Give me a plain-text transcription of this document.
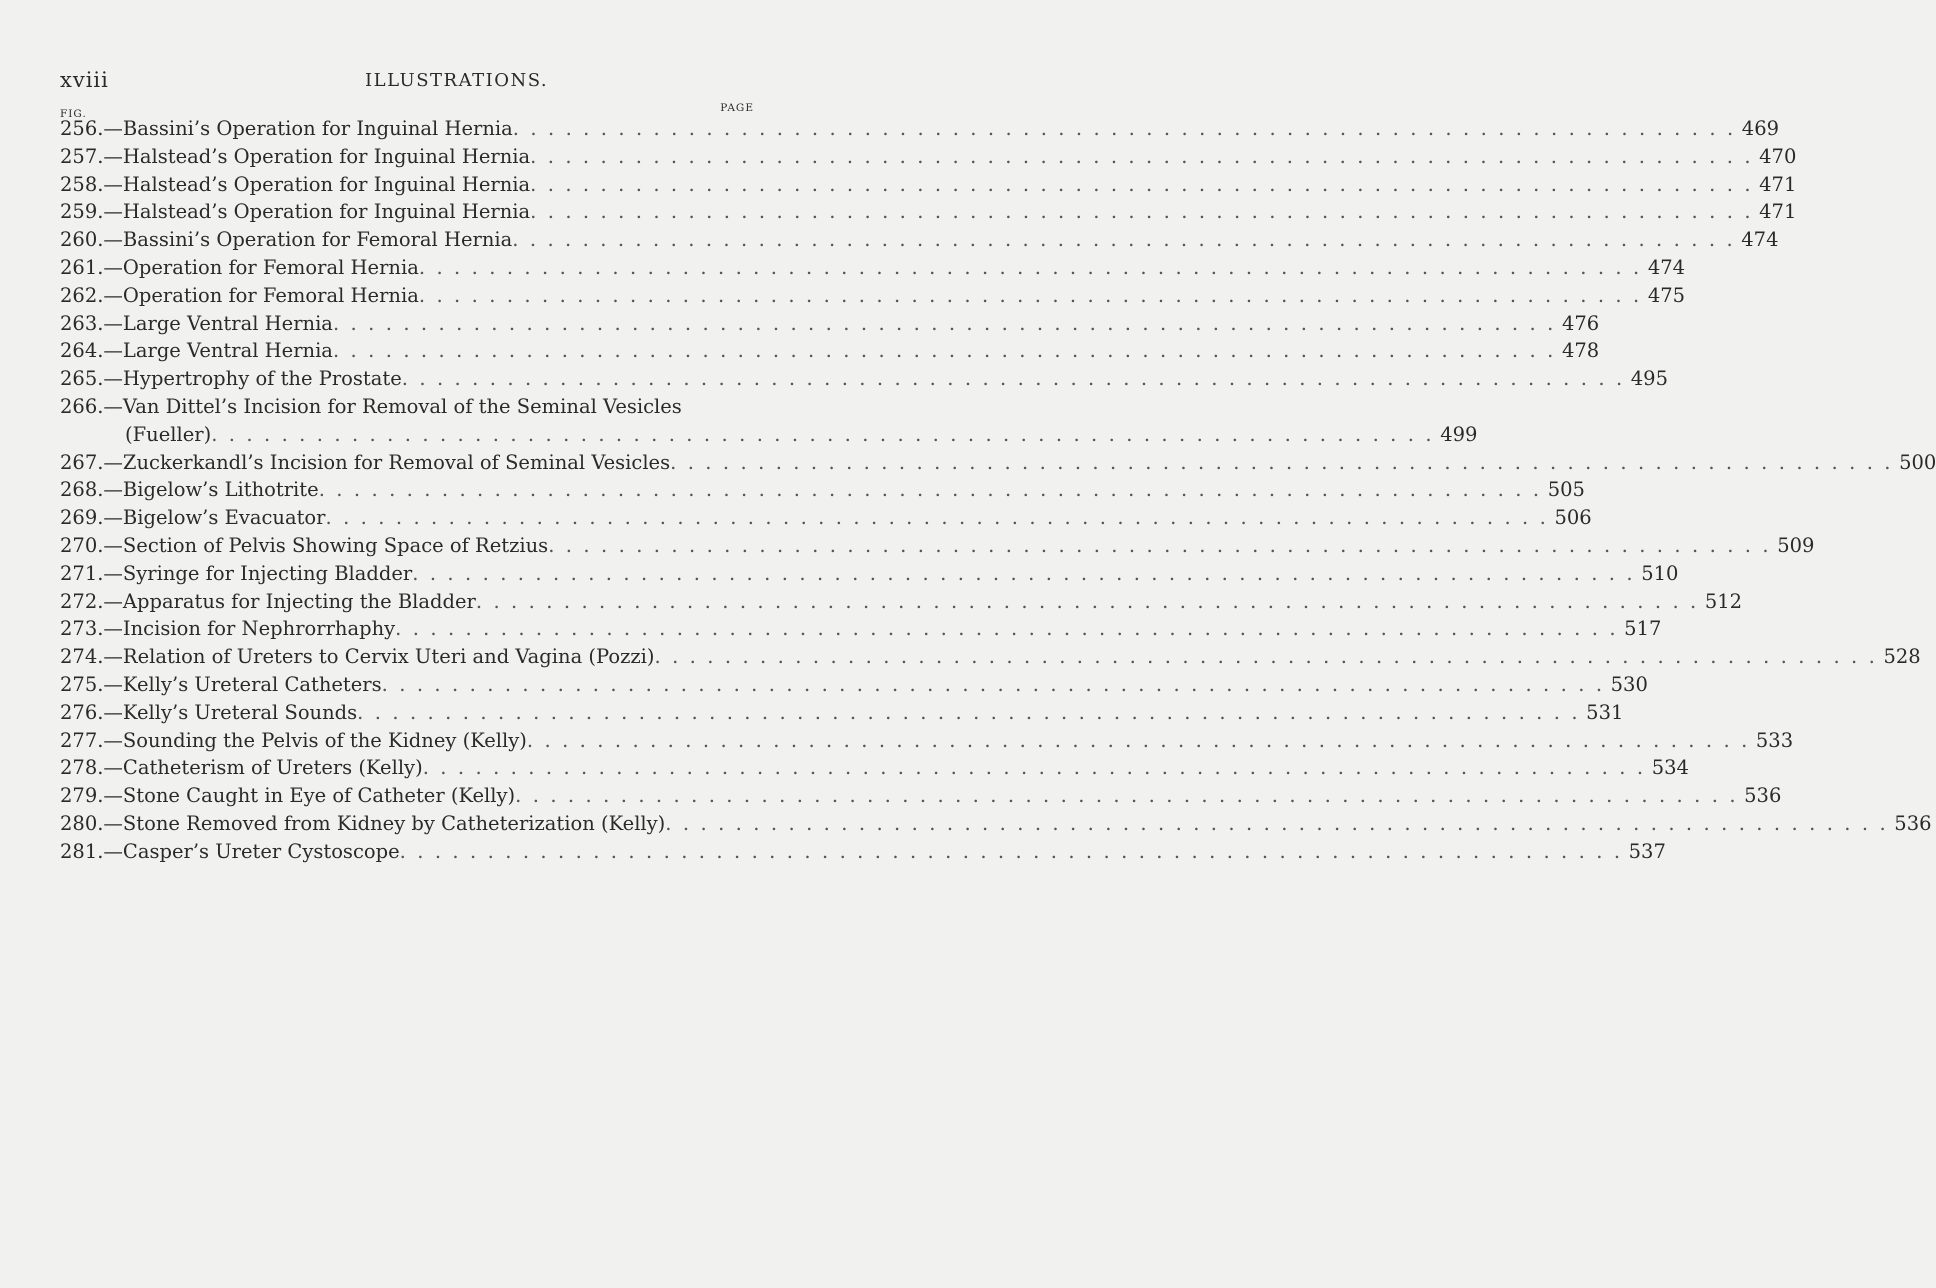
xviii	ILLUSTRATIONS.
FIG.	PAGE
256. —Bassini’s Operation for Inguinal Hernia . . . . . . . . . . . . . . . . . . . . . . . . . . . . . . . . . . . . . . . . . . . . . . . . . . . . . . . . . . . . . . . . . . . . . . 469
257. —Halstead’s Operation for Inguinal Hernia . . . . . . . . . . . . . . . . . . . . . . . . . . . . . . . . . . . . . . . . . . . . . . . . . . . . . . . . . . . . . . . . . . . . . . 470
258. —Halstead’s Operation for Inguinal Hernia . . . . . . . . . . . . . . . . . . . . . . . . . . . . . . . . . . . . . . . . . . . . . . . . . . . . . . . . . . . . . . . . . . . . . . 471
259. —Halstead’s Operation for Inguinal Hernia . . . . . . . . . . . . . . . . . . . . . . . . . . . . . . . . . . . . . . . . . . . . . . . . . . . . . . . . . . . . . . . . . . . . . . 471
260. —Bassini’s Operation for Femoral Hernia . . . . . . . . . . . . . . . . . . . . . . . . . . . . . . . . . . . . . . . . . . . . . . . . . . . . . . . . . . . . . . . . . . . . . . 474
261. —Operation for Femoral Hernia . . . . . . . . . . . . . . . . . . . . . . . . . . . . . . . . . . . . . . . . . . . . . . . . . . . . . . . . . . . . . . . . . . . . . . 474
262. —Operation for Femoral Hernia . . . . . . . . . . . . . . . . . . . . . . . . . . . . . . . . . . . . . . . . . . . . . . . . . . . . . . . . . . . . . . . . . . . . . . 475
263. —Large Ventral Hernia . . . . . . . . . . . . . . . . . . . . . . . . . . . . . . . . . . . . . . . . . . . . . . . . . . . . . . . . . . . . . . . . . . . . . . 476
264. —Large Ventral Hernia . . . . . . . . . . . . . . . . . . . . . . . . . . . . . . . . . . . . . . . . . . . . . . . . . . . . . . . . . . . . . . . . . . . . . . 478
265. —Hypertrophy of the Prostate . . . . . . . . . . . . . . . . . . . . . . . . . . . . . . . . . . . . . . . . . . . . . . . . . . . . . . . . . . . . . . . . . . . . . . 495
266. —Van Dittel’s Incision for Removal of the Seminal Vesicles
(Fueller) . . . . . . . . . . . . . . . . . . . . . . . . . . . . . . . . . . . . . . . . . . . . . . . . . . . . . . . . . . . . . . . . . . . . . . 499
267. —Zuckerkandl’s Incision for Removal of Seminal Vesicles . . . . . . . . . . . . . . . . . . . . . . . . . . . . . . . . . . . . . . . . . . . . . . . . . . . . . . . . . . . . . . . . . . . . . . 500
268. —Bigelow’s Lithotrite . . . . . . . . . . . . . . . . . . . . . . . . . . . . . . . . . . . . . . . . . . . . . . . . . . . . . . . . . . . . . . . . . . . . . . 505
269. —Bigelow’s Evacuator . . . . . . . . . . . . . . . . . . . . . . . . . . . . . . . . . . . . . . . . . . . . . . . . . . . . . . . . . . . . . . . . . . . . . . 506
270. —Section of Pelvis Showing Space of Retzius . . . . . . . . . . . . . . . . . . . . . . . . . . . . . . . . . . . . . . . . . . . . . . . . . . . . . . . . . . . . . . . . . . . . . . 509
271. —Syringe for Injecting Bladder . . . . . . . . . . . . . . . . . . . . . . . . . . . . . . . . . . . . . . . . . . . . . . . . . . . . . . . . . . . . . . . . . . . . . . 510
272. —Apparatus for Injecting the Bladder . . . . . . . . . . . . . . . . . . . . . . . . . . . . . . . . . . . . . . . . . . . . . . . . . . . . . . . . . . . . . . . . . . . . . . 512
273. —Incision for Nephrorrhaphy . . . . . . . . . . . . . . . . . . . . . . . . . . . . . . . . . . . . . . . . . . . . . . . . . . . . . . . . . . . . . . . . . . . . . . 517
274. —Relation of Ureters to Cervix Uteri and Vagina (Pozzi) . . . . . . . . . . . . . . . . . . . . . . . . . . . . . . . . . . . . . . . . . . . . . . . . . . . . . . . . . . . . . . . . . . . . . . 528
275. —Kelly’s Ureteral Catheters . . . . . . . . . . . . . . . . . . . . . . . . . . . . . . . . . . . . . . . . . . . . . . . . . . . . . . . . . . . . . . . . . . . . . . 530
276. —Kelly’s Ureteral Sounds . . . . . . . . . . . . . . . . . . . . . . . . . . . . . . . . . . . . . . . . . . . . . . . . . . . . . . . . . . . . . . . . . . . . . . 531
277. —Sounding the Pelvis of the Kidney (Kelly) . . . . . . . . . . . . . . . . . . . . . . . . . . . . . . . . . . . . . . . . . . . . . . . . . . . . . . . . . . . . . . . . . . . . . . 533
278. —Catheterism of Ureters (Kelly) . . . . . . . . . . . . . . . . . . . . . . . . . . . . . . . . . . . . . . . . . . . . . . . . . . . . . . . . . . . . . . . . . . . . . . 534
279. —Stone Caught in Eye of Catheter (Kelly) . . . . . . . . . . . . . . . . . . . . . . . . . . . . . . . . . . . . . . . . . . . . . . . . . . . . . . . . . . . . . . . . . . . . . . 536
280. —Stone Removed from Kidney by Catheterization (Kelly) . . . . . . . . . . . . . . . . . . . . . . . . . . . . . . . . . . . . . . . . . . . . . . . . . . . . . . . . . . . . . . . . . . . . . . 536
281. —Casper’s Ureter Cystoscope . . . . . . . . . . . . . . . . . . . . . . . . . . . . . . . . . . . . . . . . . . . . . . . . . . . . . . . . . . . . . . . . . . . . . . 537
